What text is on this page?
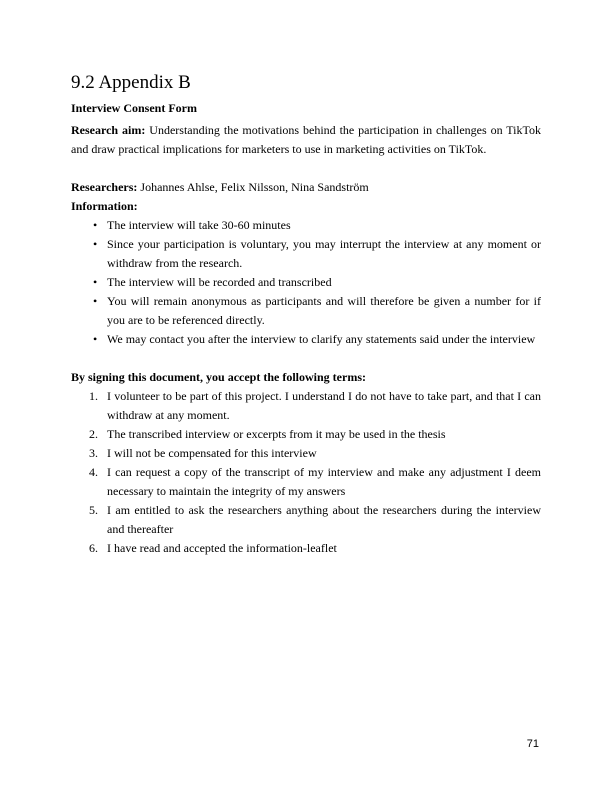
9.2 Appendix B
Interview Consent Form

Research aim: Understanding the motivations behind the participation in challenges on TikTok and draw practical implications for marketers to use in marketing activities on TikTok.

Researchers: Johannes Ahlse, Felix Nilsson, Nina Sandström

Information:

• The interview will take 30-60 minutes
• Since your participation is voluntary, you may interrupt the interview at any moment or withdraw from the research.
• The interview will be recorded and transcribed
• You will remain anonymous as participants and will therefore be given a number for if you are to be referenced directly.
• We may contact you after the interview to clarify any statements said under the interview

By signing this document, you accept the following terms:

1. I volunteer to be part of this project. I understand I do not have to take part, and that I can withdraw at any moment.
2. The transcribed interview or excerpts from it may be used in the thesis
3. I will not be compensated for this interview
4. I can request a copy of the transcript of my interview and make any adjustment I deem necessary to maintain the integrity of my answers
5. I am entitled to ask the researchers anything about the researchers during the interview and thereafter
6. I have read and accepted the information-leaflet
71
